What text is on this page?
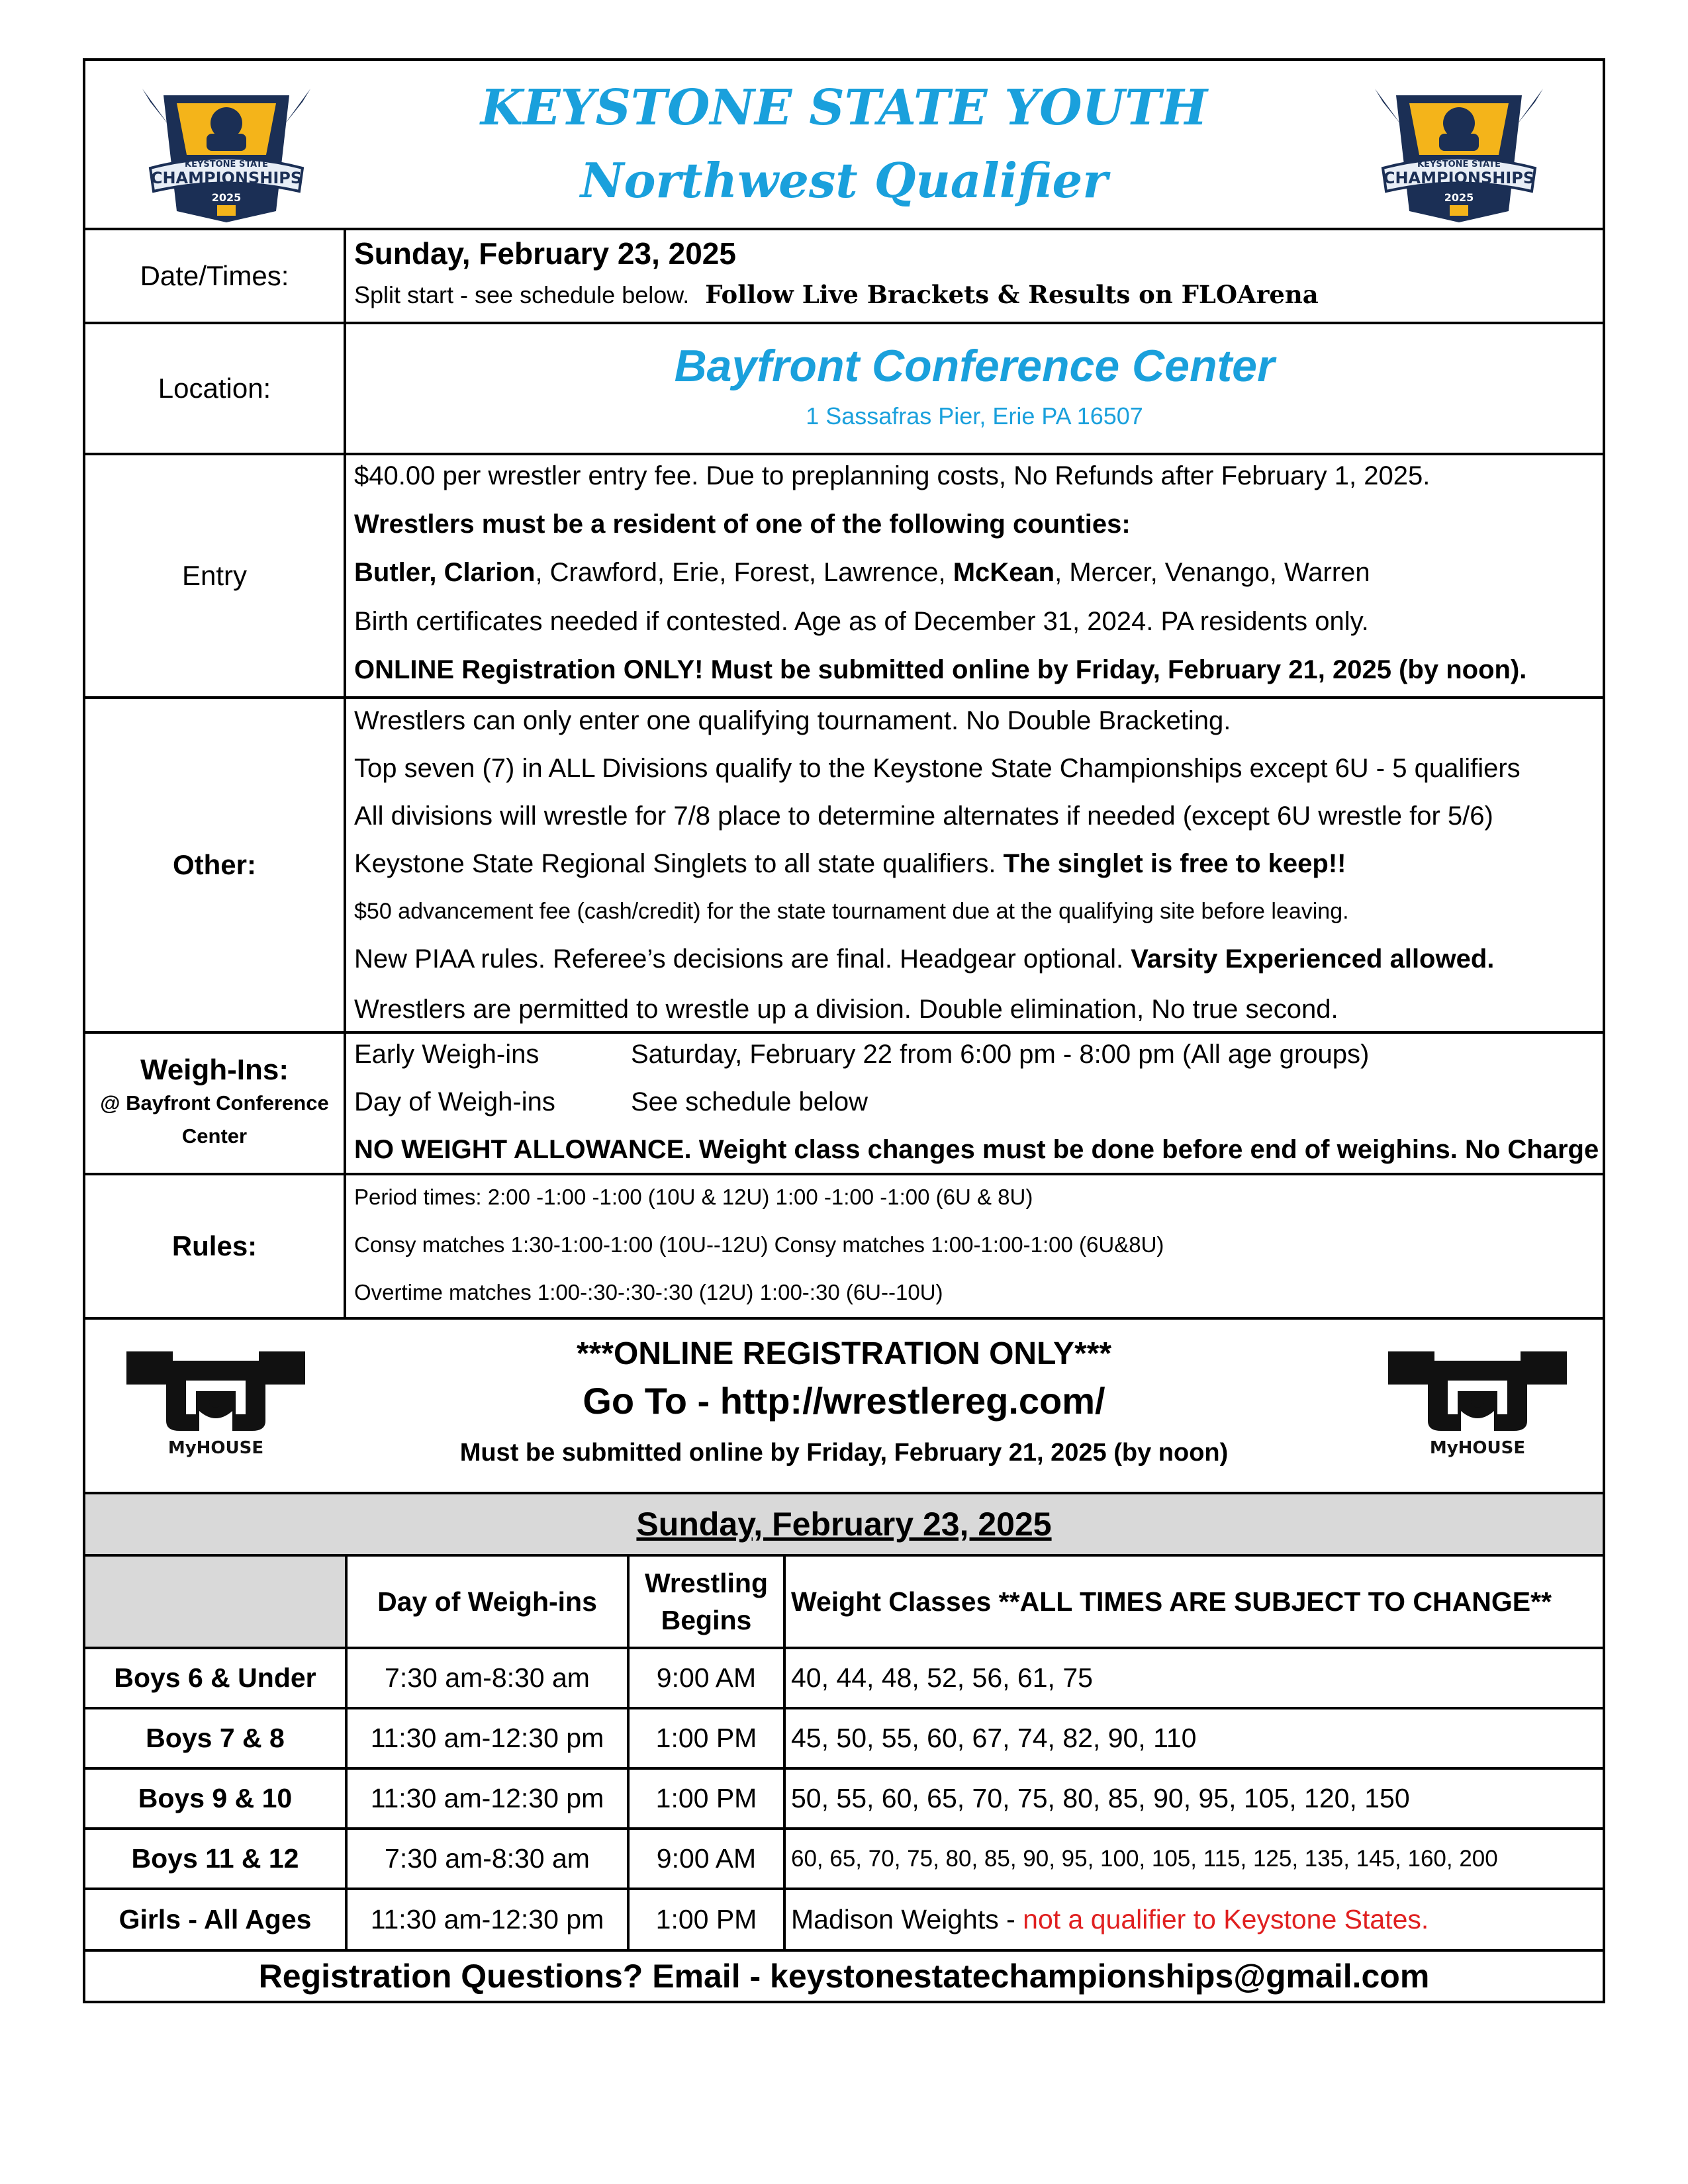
KEYSTONE STATE
CHAMPIONSHIPS
2025
KEYSTONE STATE YOUTH
Northwest Qualifier	KEYSTONE STATE
CHAMPIONSHIPS
2025
Date/Times:
Sunday, February 23, 2025
Split start - see schedule below. Follow Live Brackets & Results on FLOArena
Location:	Bayfront Conference Center
1 Sassafras Pier, Erie PA 16507
Entry
$40.00 per wrestler entry fee. Due to preplanning costs, No Refunds after February 1, 2025.
Wrestlers must be a resident of one of the following counties:
Butler, Clarion, Crawford, Erie, Forest, Lawrence, McKean, Mercer, Venango, Warren
Birth certificates needed if contested. Age as of December 31, 2024. PA residents only.
ONLINE Registration ONLY! Must be submitted online by Friday, February 21, 2025 (by noon).
Other:
Wrestlers can only enter one qualifying tournament. No Double Bracketing.
Top seven (7) in ALL Divisions qualify to the Keystone State Championships except 6U - 5 qualifiers
All divisions will wrestle for 7/8 place to determine alternates if needed (except 6U wrestle for 5/6)
Keystone State Regional Singlets to all state qualifiers. The singlet is free to keep!!
$50 advancement fee (cash/credit) for the state tournament due at the qualifying site before leaving.
New PIAA rules. Referee’s decisions are final. Headgear optional. Varsity Experienced allowed.
Wrestlers are permitted to wrestle up a division. Double elimination, No true second.
Weigh-Ins:
@ Bayfront Conference
Center
Early Weigh-ins	Saturday, February 22 from 6:00 pm - 8:00 pm (All age groups)
Day of Weigh-ins	See schedule below
NO WEIGHT ALLOWANCE. Weight class changes must be done before end of weighins. No Charge
Rules:
Period times: 2:00 -1:00 -1:00 (10U & 12U) 1:00 -1:00 -1:00 (6U & 8U)
Consy matches 1:30-1:00-1:00 (10U--12U) Consy matches 1:00-1:00-1:00 (6U&8U)
Overtime matches 1:00-:30-:30-:30 (12U) 1:00-:30 (6U--10U)
MyHOUSE
***ONLINE REGISTRATION ONLY***
Go To - http://wrestlereg.com/
Must be submitted online by Friday, February 21, 2025 (by noon)	MyHOUSE
Sunday, February 23, 2025
	Day of Weigh-ins	Wrestling
Begins	Weight Classes **ALL TIMES ARE SUBJECT TO CHANGE**
Boys 6 & Under	7:30 am-8:30 am	9:00 AM	40, 44, 48, 52, 56, 61, 75
Boys 7 & 8	11:30 am-12:30 pm	1:00 PM	45, 50, 55, 60, 67, 74, 82, 90, 110
Boys 9 & 10	11:30 am-12:30 pm	1:00 PM	50, 55, 60, 65, 70, 75, 80, 85, 90, 95, 105, 120, 150
Boys 11 & 12	7:30 am-8:30 am	9:00 AM	60, 65, 70, 75, 80, 85, 90, 95, 100, 105, 115, 125, 135, 145, 160, 200
Girls - All Ages	11:30 am-12:30 pm	1:00 PM	Madison Weights - not a qualifier to Keystone States.
Registration Questions? Email - keystonestatechampionships@gmail.com
